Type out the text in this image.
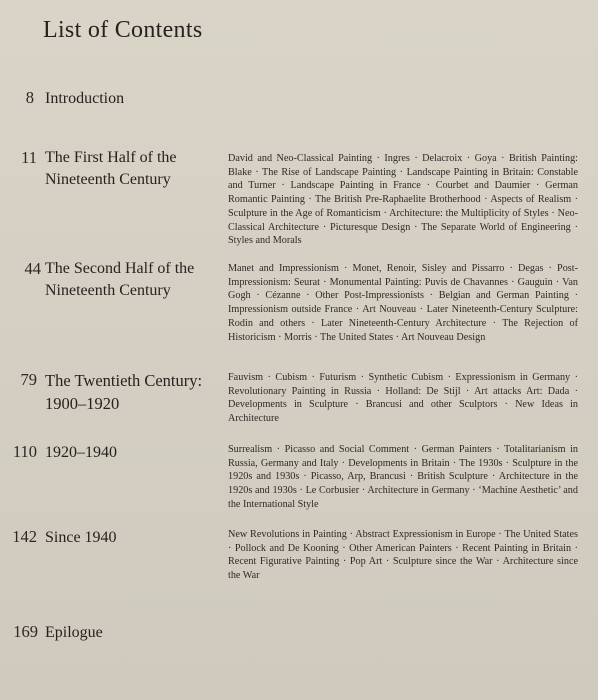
List of Contents
8 Introduction
11 The First Half of the Nineteenth Century
David and Neo-Classical Painting · Ingres · Delacroix · Goya · British Painting: Blake · The Rise of Landscape Painting · Landscape Painting in Britain: Constable and Turner · Landscape Painting in France · Courbet and Daumier · German Romantic Painting · The British Pre-Raphaelite Brotherhood · Aspects of Realism · Sculpture in the Age of Romanticism · Architecture: the Multiplicity of Styles · Neo-Classical Architecture · Picturesque Design · The Separate World of Engineering · Styles and Morals
44 The Second Half of the Nineteenth Century
Manet and Impressionism · Monet, Renoir, Sisley and Pissarro · Degas · Post-Impressionism: Seurat · Monumental Painting: Puvis de Chavannes · Gauguin · Van Gogh · Cézanne · Other Post-Impressionists · Belgian and German Painting · Impressionism outside France · Art Nouveau · Later Nineteenth-Century Sculpture: Rodin and others · Later Nineteenth-Century Architecture · The Rejection of Historicism · Morris · The United States · Art Nouveau Design
79 The Twentieth Century: 1900–1920
Fauvism · Cubism · Futurism · Synthetic Cubism · Expressionism in Germany · Revolutionary Painting in Russia · Holland: De Stijl · Art attacks Art: Dada · Developments in Sculpture · Brancusi and other Sculptors · New Ideas in Architecture
110 1920–1940	Surrealism · Picasso and Social Comment · German Painters · Totalitarianism in Russia, Germany and Italy · Developments in Britain · The 1930s · Sculpture in the 1920s and 1930s · Picasso, Arp, Brancusi · British Sculpture · Architecture in the 1920s and 1930s · Le Corbusier · Architecture in Germany · ‘Machine Aesthetic’ and the International Style
142 Since 1940	New Revolutions in Painting · Abstract Expressionism in Europe · The United States · Pollock and De Kooning · Other American Painters · Recent Painting in Britain · Recent Figurative Painting · Pop Art · Sculpture since the War · Architecture since the War
169 Epilogue
